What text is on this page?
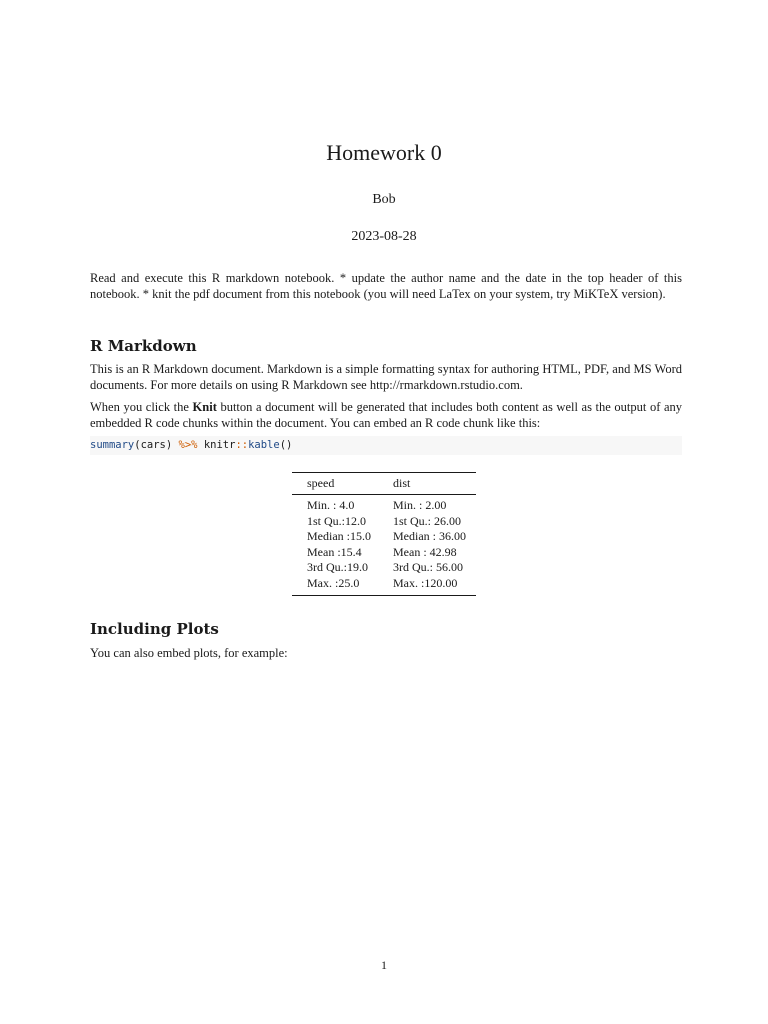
Homework 0
Bob
2023-08-28
Read and execute this R markdown notebook. * update the author name and the date in the top header of this notebook. * knit the pdf document from this notebook (you will need LaTex on your system, try MiKTeX version).
R Markdown
This is an R Markdown document. Markdown is a simple formatting syntax for authoring HTML, PDF, and MS Word documents. For more details on using R Markdown see http://rmarkdown.rstudio.com.
When you click the Knit button a document will be generated that includes both content as well as the output of any embedded R code chunks within the document. You can embed an R code chunk like this:
summary(cars) %>% knitr::kable()
speed	dist
Min. : 4.0	Min. : 2.00
1st Qu.:12.0	1st Qu.: 26.00
Median :15.0	Median : 36.00
Mean :15.4	Mean : 42.98
3rd Qu.:19.0	3rd Qu.: 56.00
Max. :25.0	Max. :120.00
Including Plots
You can also embed plots, for example:
1
